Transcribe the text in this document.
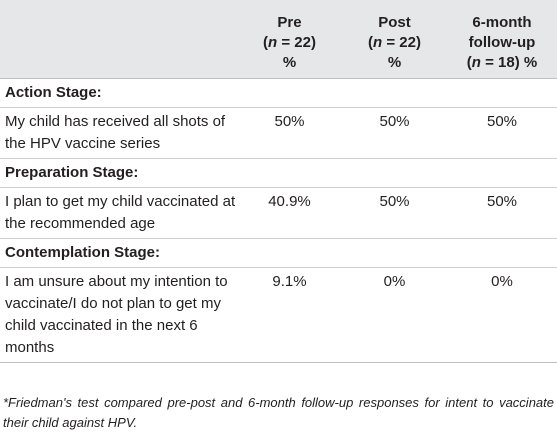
	Pre
(n = 22)
%	Post
(n = 22)
%	6-month
follow-up
(n = 18) %

Action Stage:			

My child has received all shots of the HPV vaccine series	50%	50%	50%

Preparation Stage:			

I plan to get my child vaccinated at the recommended age	40.9%	50%	50%

Contemplation Stage:			

I am unsure about my intention to vaccinate/I do not plan to get my child vaccinated in the next 6 months	9.1%	0%	0%
*Friedman's test compared pre-post and 6-month follow-up responses for intent to vaccinate their child against HPV.
